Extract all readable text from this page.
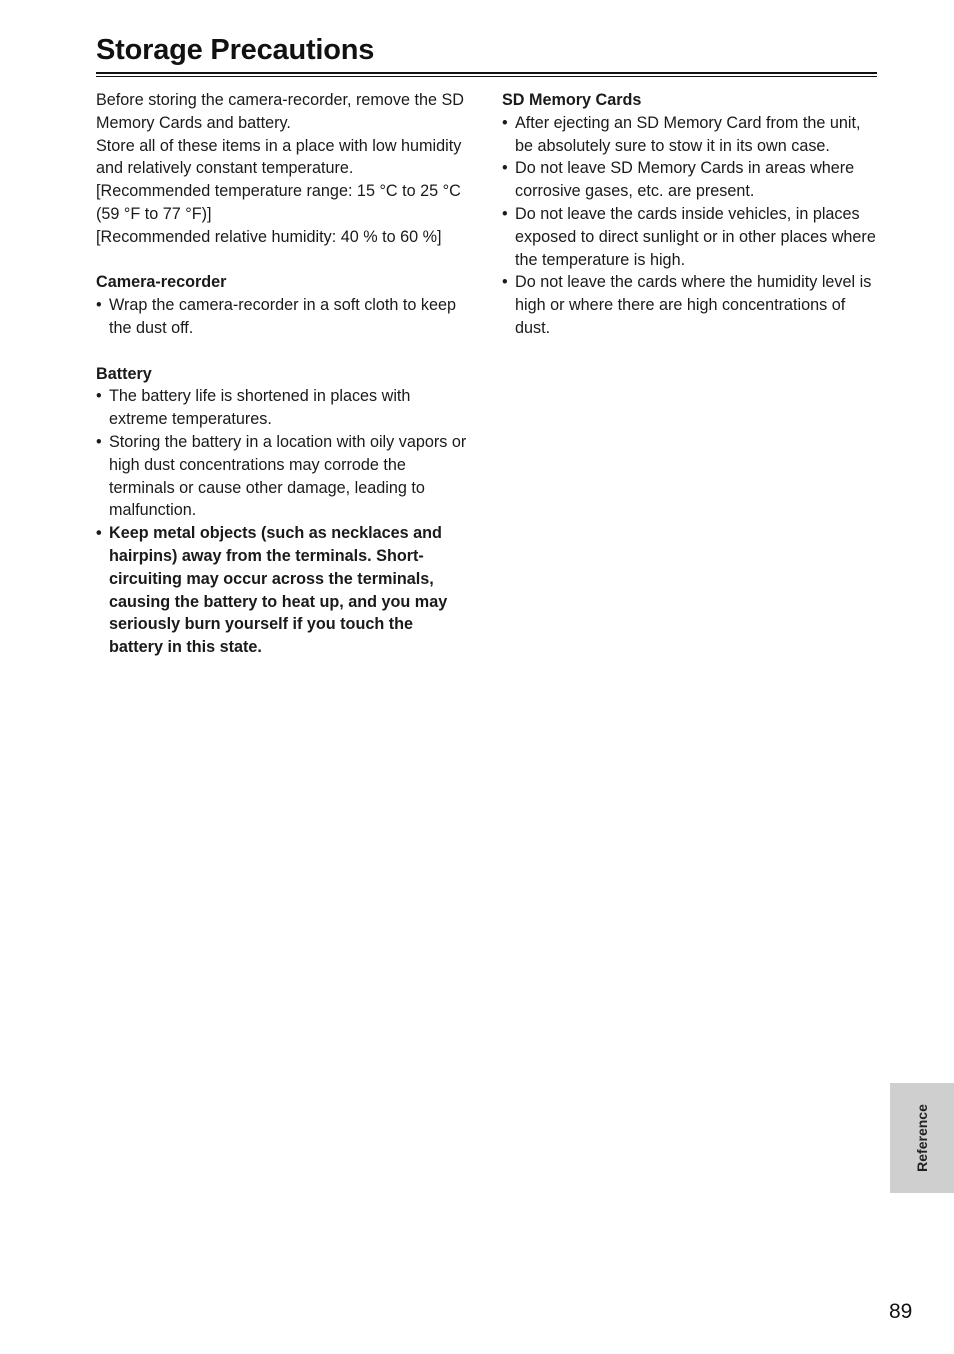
Storage Precautions

Before storing the camera-recorder, remove the SD Memory Cards and battery.

Store all of these items in a place with low humidity and relatively constant temperature.

[Recommended temperature range: 15 °C to 25 °C (59 °F to 77 °F)]

[Recommended relative humidity: 40 % to 60 %]

Camera-recorder

• Wrap the camera-recorder in a soft cloth to keep the dust off.

Battery

• The battery life is shortened in places with extreme temperatures.
• Storing the battery in a location with oily vapors or high dust concentrations may corrode the terminals or cause other damage, leading to malfunction.
• Keep metal objects (such as necklaces and hairpins) away from the terminals. Short-circuiting may occur across the terminals, causing the battery to heat up, and you may seriously burn yourself if you touch the battery in this state.

SD Memory Cards

• After ejecting an SD Memory Card from the unit, be absolutely sure to stow it in its own case.
• Do not leave SD Memory Cards in areas where corrosive gases, etc. are present.
• Do not leave the cards inside vehicles, in places exposed to direct sunlight or in other places where the temperature is high.
• Do not leave the cards where the humidity level is high or where there are high concentrations of dust.
Reference
89
